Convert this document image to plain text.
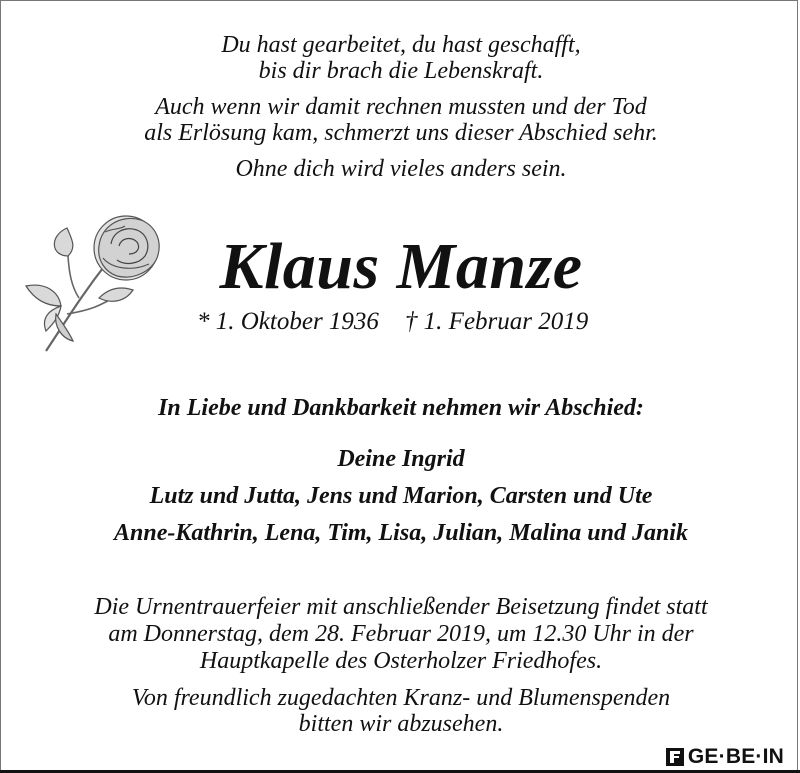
Du hast gearbeitet, du hast geschafft,
bis dir brach die Lebenskraft.
Auch wenn wir damit rechnen mussten und der Tod
als Erlösung kam, schmerzt uns dieser Abschied sehr.
Ohne dich wird vieles anders sein.
Klaus Manze
* 1. Oktober 1936 † 1. Februar 2019
In Liebe und Dankbarkeit nehmen wir Abschied:
Deine Ingrid
Lutz und Jutta, Jens und Marion, Carsten und Ute
Anne-Kathrin, Lena, Tim, Lisa, Julian, Malina und Janik
Die Urnentrauerfeier mit anschließender Beisetzung findet statt
am Donnerstag, dem 28. Februar 2019, um 12.30 Uhr in der
Hauptkapelle des Osterholzer Friedhofes.
Von freundlich zugedachten Kranz- und Blumenspenden
bitten wir abzusehen.
GE·BE·IN
